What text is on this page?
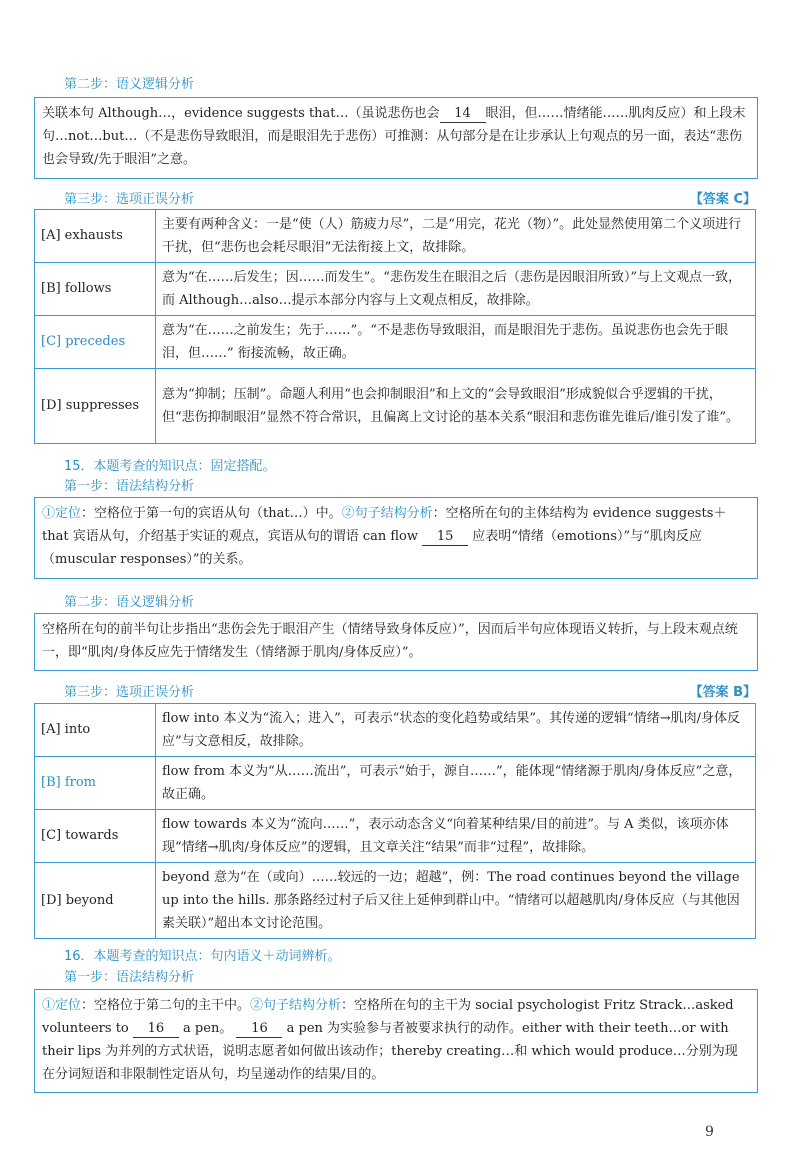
第二步：语义逻辑分析
关联本句 Although…，evidence suggests that…（虽说悲伤也会 14 眼泪，但……情绪能……肌肉反应）和上段末句…not…but…（不是悲伤导致眼泪，而是眼泪先于悲伤）可推测：从句部分是在让步承认上句观点的另一面，表达“悲伤也会导致/先于眼泪”之意。
第三步：选项正误分析	【答案 C】
[A] exhausts	主要有两种含义：一是“使（人）筋疲力尽”，二是“用完，花光（物）”。此处显然使用第二个义项进行干扰，但“悲伤也会耗尽眼泪”无法衔接上文，故排除。
[B] follows	意为“在……后发生；因……而发生”。“悲伤发生在眼泪之后（悲伤是因眼泪所致）”与上文观点一致，而 Although…also…提示本部分内容与上文观点相反，故排除。
[C] precedes	意为“在……之前发生；先于……”。“不是悲伤导致眼泪，而是眼泪先于悲伤。虽说悲伤也会先于眼泪，但……” 衔接流畅，故正确。
[D] suppresses	意为“抑制；压制”。命题人利用“也会抑制眼泪”和上文的“会导致眼泪”形成貌似合乎逻辑的干扰，但“悲伤抑制眼泪”显然不符合常识，且偏离上文讨论的基本关系“眼泪和悲伤谁先谁后/谁引发了谁”。
15．本题考查的知识点：固定搭配。
第一步：语法结构分析
①定位：空格位于第一句的宾语从句（that…）中。②句子结构分析：空格所在句的主体结构为 evidence suggests＋that 宾语从句，介绍基于实证的观点，宾语从句的谓语 can flow 15 应表明“情绪（emotions）”与“肌肉反应（muscular responses）”的关系。
第二步：语义逻辑分析
空格所在句的前半句让步指出“悲伤会先于眼泪产生（情绪导致身体反应）”，因而后半句应体现语义转折，与上段末观点统一，即“肌肉/身体反应先于情绪发生（情绪源于肌肉/身体反应）”。
第三步：选项正误分析	【答案 B】
[A] into	flow into 本义为“流入；进入”，可表示“状态的变化趋势或结果”。其传递的逻辑“情绪→肌肉/身体反应”与文意相反，故排除。
[B] from	flow from 本义为“从……流出”，可表示“始于，源自……”，能体现“情绪源于肌肉/身体反应”之意，故正确。
[C] towards	flow towards 本义为“流向……”，表示动态含义“向着某种结果/目的前进”。与 A 类似，该项亦体现“情绪→肌肉/身体反应”的逻辑，且文章关注“结果”而非“过程”，故排除。
[D] beyond	beyond 意为“在（或向）……较远的一边；超越”，例：The road continues beyond the village up into the hills. 那条路经过村子后又往上延伸到群山中。“情绪可以超越肌肉/身体反应（与其他因素关联）”超出本文讨论范围。
16．本题考查的知识点：句内语义＋动词辨析。
第一步：语法结构分析
①定位：空格位于第二句的主干中。②句子结构分析：空格所在句的主干为 social psychologist Fritz Strack…asked volunteers to 16 a pen。 16 a pen 为实验参与者被要求执行的动作。either with their teeth…or with their lips 为并列的方式状语，说明志愿者如何做出该动作；thereby creating…和 which would produce…分别为现在分词短语和非限制性定语从句，均呈递动作的结果/目的。
9
